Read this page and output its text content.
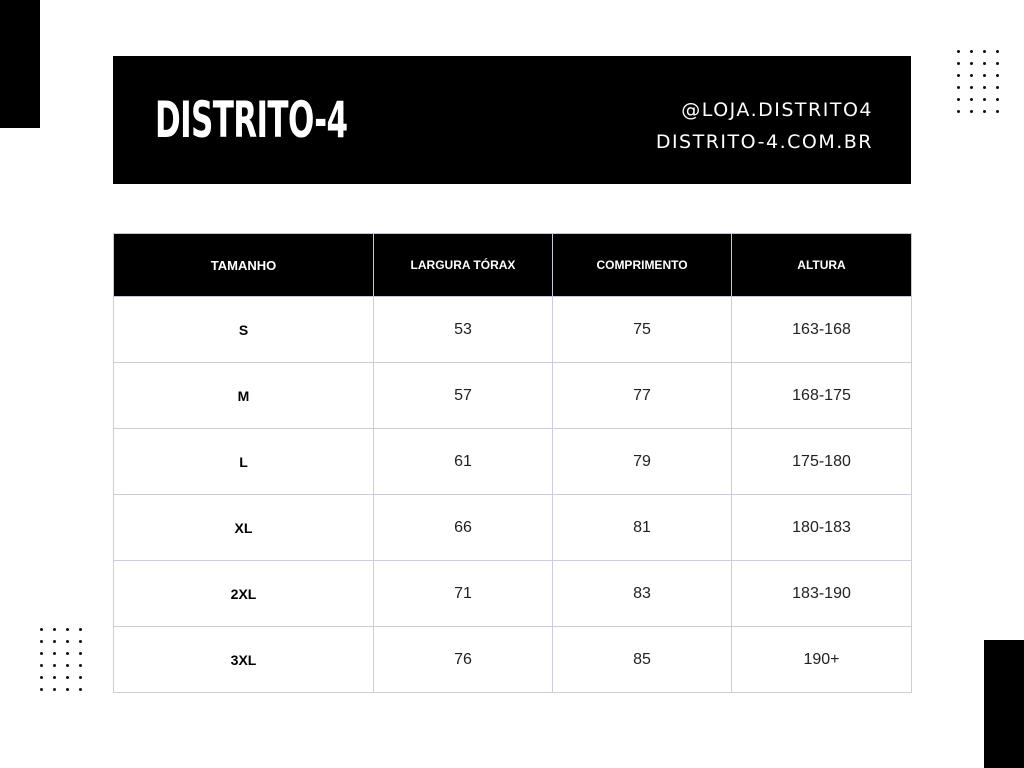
DISTRITO-4	@LOJA.DISTRITO4
DISTRITO-4.COM.BR
TAMANHO	LARGURA TÓRAX	COMPRIMENTO	ALTURA
S	53	75	163-168
M	57	77	168-175
L	61	79	175-180
XL	66	81	180-183
2XL	71	83	183-190
3XL	76	85	190+
